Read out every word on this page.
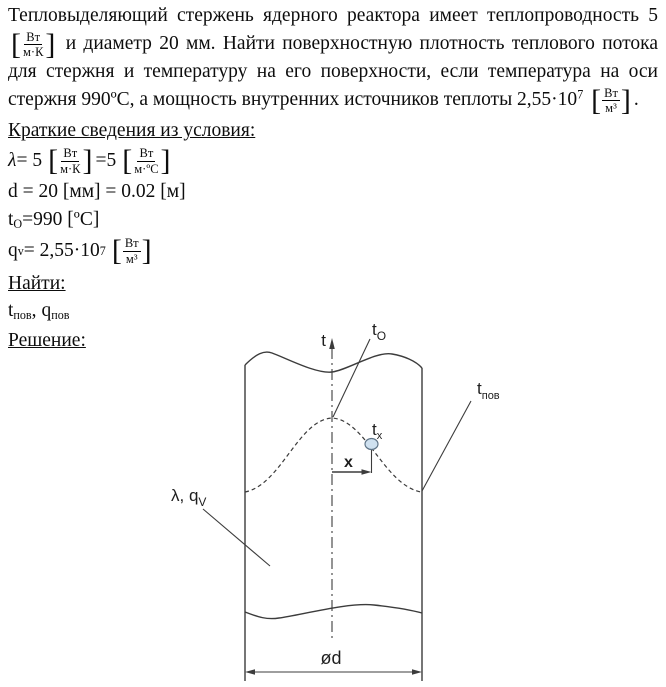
Тепловыделяющий стержень ядерного реактора имеет теплопроводность 5
[ $\frac{Вт}{м\cdot К}$ ] и диаметр 20 мм. Найти поверхностную плотность теплового потока для стержня и температуру на его поверхности, если температура на оси стержня 990ºС, а мощность внутренних источников теплоты $2,55\cdot 10^7$ [ $\frac{Вт}{\text{м³}}$ ] .

Краткие сведения из условия:
λ = 5 [ $\frac{Вт}{м\cdot К}$ ] =5 [ $\frac{Вт}{\text{м·ºC}}$ ]
d = 20 [мм] = 0.02 [м]
$t_О=990$ [ºC]
q v = 2,55·10 7 [ $\frac{Вт}{\text{м³}}$ ]
Найти:
$t_{пов}$, $q_{пов}$
Решение:	t
$t_O$
$t_x$
$t_{пов}$
x
λ, $q_V$
ød
